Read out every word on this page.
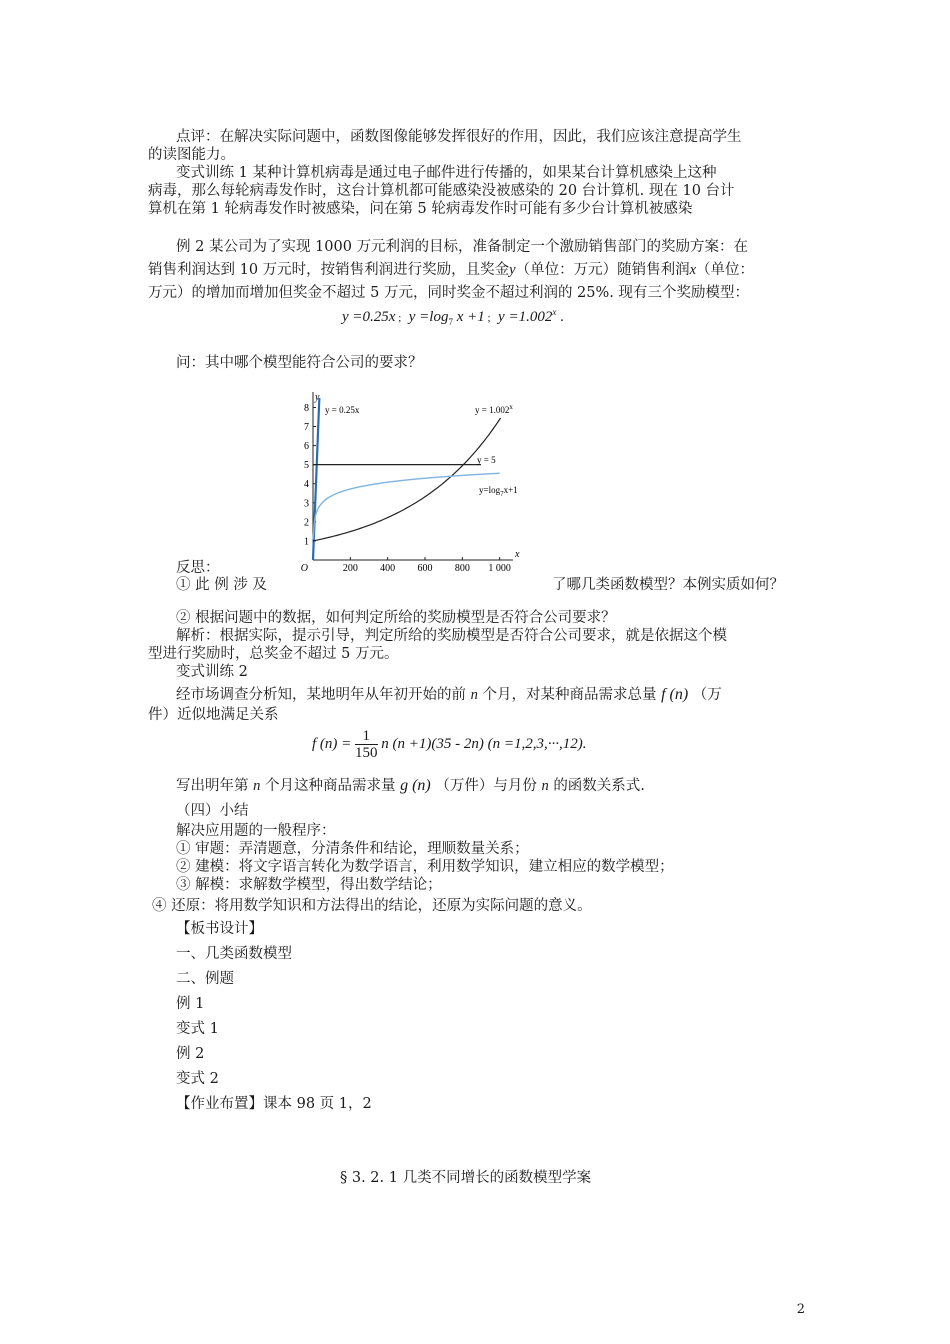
点评：在解决实际问题中，函数图像能够发挥很好的作用，因此，我们应该注意提高学生
的读图能力。
变式训练 1 某种计算机病毒是通过电子邮件进行传播的，如果某台计算机感染上这种
病毒，那么每轮病毒发作时，这台计算机都可能感染没被感染的 20 台计算机. 现在 10 台计
算机在第 1 轮病毒发作时被感染，问在第 5 轮病毒发作时可能有多少台计算机被感染
例 2 某公司为了实现 1000 万元利润的目标，准备制定一个激励销售部门的奖励方案：在
销售利润达到 10 万元时，按销售利润进行奖励，且奖金y（单位：万元）随销售利润x（单位：
万元）的增加而增加但奖金不超过 5 万元，同时奖金不超过利润的 25%. 现有三个奖励模型：
y =0.25x ; $y =\log_7$ x +1 ; $y =1.002^x$ .
问：其中哪个模型能符合公司的要求？
200 400 600 800 1 000
1
2
3
4
5
6
7
8
x
y
O
y = 0.25x	$y = 1.002^x$
y = 5
$y=\log_7x+1$
反思：
① 此 例 涉 及	了哪几类函数模型？本例实质如何？
② 根据问题中的数据，如何判定所给的奖励模型是否符合公司要求？
解析：根据实际，提示引导，判定所给的奖励模型是否符合公司要求，就是依据这个模
型进行奖励时，总奖金不超过 5 万元。
变式训练 2
经市场调查分析知，某地明年从年初开始的前 n 个月，对某种商品需求总量 f (n) （万
件）近似地满足关系
f $(n) = \frac{1}{150}$ n (n +1)(35 - 2n) (n =1,2,3,···,12).
写出明年第 n 个月这种商品需求量 g (n) （万件）与月份 n 的函数关系式.
（四）小结
解决应用题的一般程序：
① 审题：弄清题意，分清条件和结论，理顺数量关系；
② 建模：将文字语言转化为数学语言，利用数学知识，建立相应的数学模型；
③ 解模：求解数学模型，得出数学结论；
④ 还原：将用数学知识和方法得出的结论，还原为实际问题的意义。
【板书设计】
一、几类函数模型
二、例题
例 1
变式 1
例 2
变式 2
【作业布置】课本 98 页 1，2
§ 3. 2. 1 几类不同增长的函数模型学案
2
